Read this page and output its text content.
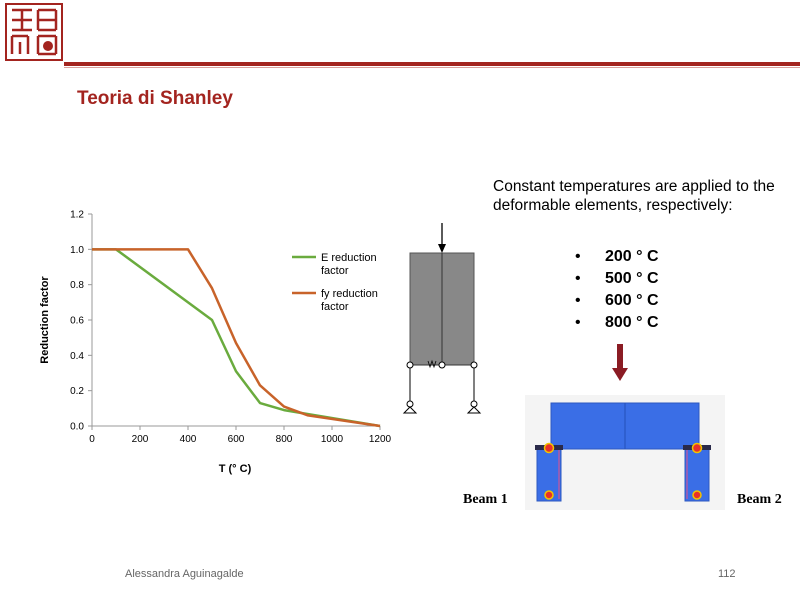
Teoria di Shanley
0.0
0.2
0.4
0.6
0.8
1.0
1.2
0	200	400	600	800	1000	1200
T (° C)
Reduction factor
E reduction factor
fy reduction factor
Constant temperatures are applied to the deformable elements, respectively:
•	200 ° C
•	500 ° C
•	600 ° C
•	800 ° C
Beam 1	Beam 2
Alessandra Aguinagalde	112
